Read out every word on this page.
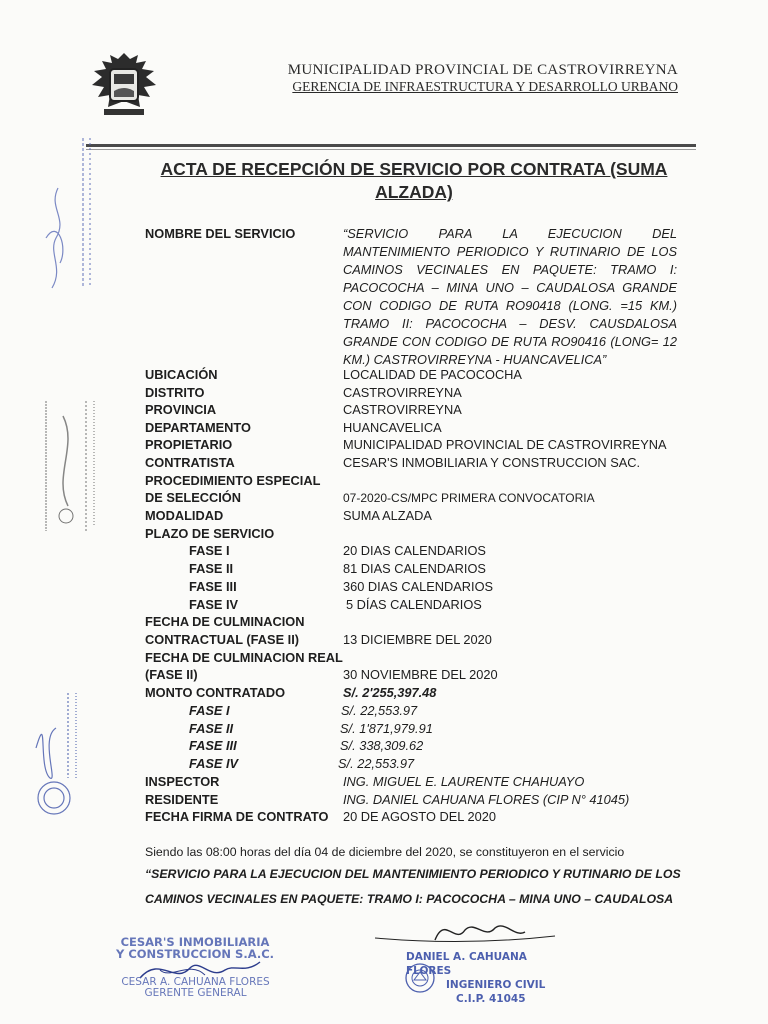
MUNICIPALIDAD PROVINCIAL DE CASTROVIRREYNA
GERENCIA DE INFRAESTRUCTURA Y DESARROLLO URBANO
ACTA DE RECEPCIÓN DE SERVICIO POR CONTRATA (SUMA
ALZADA)
NOMBRE DEL SERVICIO	“SERVICIO PARA LA EJECUCION DEL MANTENIMIENTO PERIODICO Y RUTINARIO DE LOS CAMINOS VECINALES EN PAQUETE: TRAMO I: PACOCOCHA – MINA UNO – CAUDALOSA GRANDE CON CODIGO DE RUTA RO90418 (LONG. =15 KM.) TRAMO II: PACOCOCHA – DESV. CAUSDALOSA GRANDE CON CODIGO DE RUTA RO90416 (LONG= 12 KM.) CASTROVIRREYNA - HUANCAVELICA”
UBICACIÓN	LOCALIDAD DE PACOCOCHA
DISTRITO	CASTROVIRREYNA
PROVINCIA	CASTROVIRREYNA
DEPARTAMENTO	HUANCAVELICA
PROPIETARIO	MUNICIPALIDAD PROVINCIAL DE CASTROVIRREYNA
CONTRATISTA	CESAR'S INMOBILIARIA Y CONSTRUCCION SAC.
PROCEDIMIENTO ESPECIAL
DE SELECCIÓN	07-2020-CS/MPC PRIMERA CONVOCATORIA
MODALIDAD	SUMA ALZADA
PLAZO DE SERVICIO
FASE I	20 DIAS CALENDARIOS
FASE II	81 DIAS CALENDARIOS
FASE III	360 DIAS CALENDARIOS
FASE IV	5 DÍAS CALENDARIOS
FECHA DE CULMINACION
CONTRACTUAL (FASE II)	13 DICIEMBRE DEL 2020
FECHA DE CULMINACION REAL
(FASE II)	30 NOVIEMBRE DEL 2020
MONTO CONTRATADO	S/. 2'255,397.48
FASE I	S/. 22,553.97
FASE II	S/. 1'871,979.91
FASE III	S/. 338,309.62
FASE IV	S/. 22,553.97
INSPECTOR	ING. MIGUEL E. LAURENTE CHAHUAYO
RESIDENTE	ING. DANIEL CAHUANA FLORES (CIP N° 41045)
FECHA FIRMA DE CONTRATO 20 DE AGOSTO DEL 2020
Siendo las 08:00 horas del día 04 de diciembre del 2020, se constituyeron en el servicio
“SERVICIO PARA LA EJECUCION DEL MANTENIMIENTO PERIODICO Y RUTINARIO DE LOS
CAMINOS VECINALES EN PAQUETE: TRAMO I: PACOCOCHA – MINA UNO – CAUDALOSA
CESAR'S INMOBILIARIA
Y CONSTRUCCION S.A.C.
CESAR A. CAHUANA FLORES
GERENTE GENERAL
DANIEL A. CAHUANA FLORES
INGENIERO CIVIL
C.I.P. 41045
